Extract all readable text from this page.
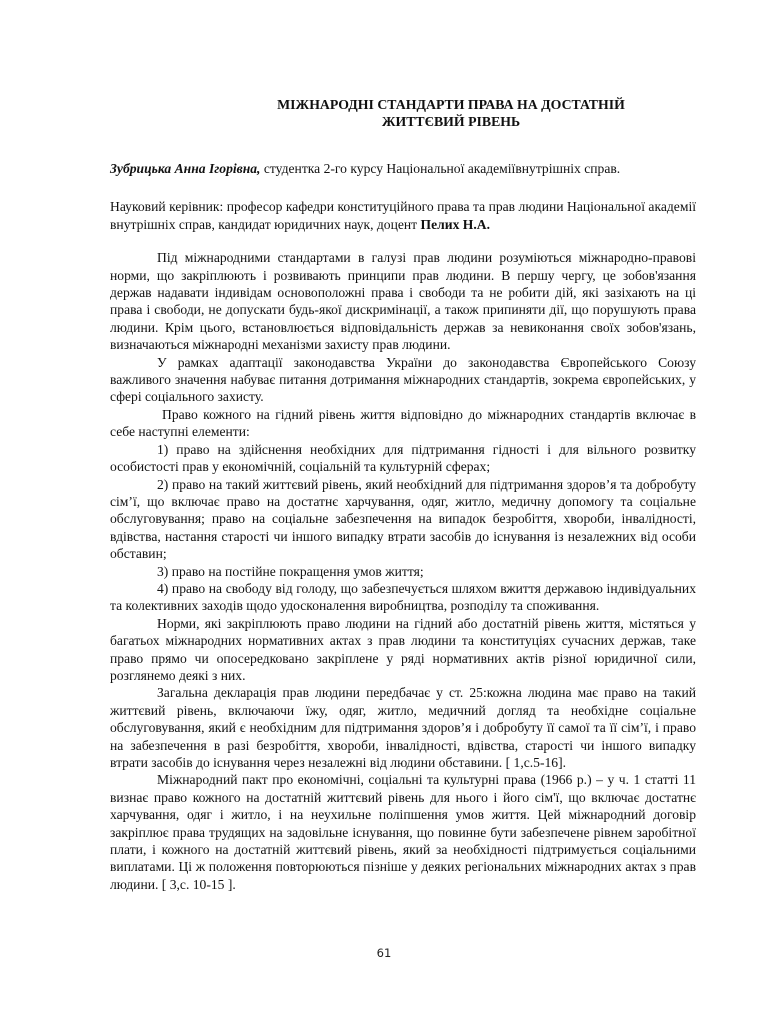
МІЖНАРОДНІ СТАНДАРТИ ПРАВА НА ДОСТАТНІЙ
ЖИТТЄВИЙ РІВЕНЬ

Зубрицька Анна Ігорівна, студентка 2-го курсу Національної академіївнутрішніх справ.

Науковий керівник: професор кафедри конституційного права та прав людини Національної академії внутрішніх справ, кандидат юридичних наук, доцент Пелих Н.А.

Під міжнародними стандартами в галузі прав людини розуміються міжнародно-правові норми, що закріплюють і розвивають принципи прав людини. В першу чергу, це зобов'язання держав надавати індивідам основоположні права і свободи та не робити дій, які зазіхають на ці права і свободи, не допускати будь-якої дискримінації, а також припиняти дії, що порушують права людини. Крім цього, встановлюється відповідальність держав за невиконання своїх зобов'язань, визначаються міжнародні механізми захисту прав людини.

У рамках адаптації законодавства України до законодавства Європейського Союзу важливого значення набуває питання дотримання міжнародних стандартів, зокрема європейських, у сфері соціального захисту.

Право кожного на гідний рівень життя відповідно до міжнародних стандартів включає в себе наступні елементи:

1) право на здійснення необхідних для підтримання гідності і для вільного розвитку особистості прав у економічній, соціальній та культурній сферах;

2) право на такий життєвий рівень, який необхідний для підтримання здоров’я та добробуту сім’ї, що включає право на достатнє харчування, одяг, житло, медичну допомогу та соціальне обслуговування; право на соціальне забезпечення на випадок безробіття, хвороби, інвалідності, вдівства, настання старості чи іншого випадку втрати засобів до існування із незалежних від особи обставин;

3) право на постійне покращення умов життя;

4) право на свободу від голоду, що забезпечується шляхом вжиття державою індивідуальних та колективних заходів щодо удосконалення виробництва, розподілу та споживання.

Норми, які закріплюють право людини на гідний або достатній рівень життя, містяться у багатьох міжнародних нормативних актах з прав людини та конституціях сучасних держав, таке право прямо чи опосередковано закріплене у ряді нормативних актів різної юридичної сили, розглянемо деякі з них.

Загальна декларація прав людини передбачає у ст. 25:кожна людина має право на такий життєвий рівень, включаючи їжу, одяг, житло, медичний догляд та необхідне соціальне обслуговування, який є необхідним для підтримання здоров’я і добробуту її самої та її сім’ї, і право на забезпечення в разі безробіття, хвороби, інвалідності, вдівства, старості чи іншого випадку втрати засобів до існування через незалежні від людини обставини. [ 1,с.5-16].

Міжнародний пакт про економічні, соціальні та культурні права (1966 р.) – у ч. 1 статті 11 визнає право кожного на достатній життєвий рівень для нього і його сім'ї, що включає достатнє харчування, одяг і житло, і на неухильне поліпшення умов життя. Цей міжнародний договір закріплює права трудящих на задовільне існування, що повинне бути забезпечене рівнем заробітної плати, і кожного на достатній життєвий рівень, який за необхідності підтримується соціальними виплатами. Ці ж положення повторюються пізніше у деяких регіональних міжнародних актах з прав людини. [ 3,с. 10-15 ].

61
